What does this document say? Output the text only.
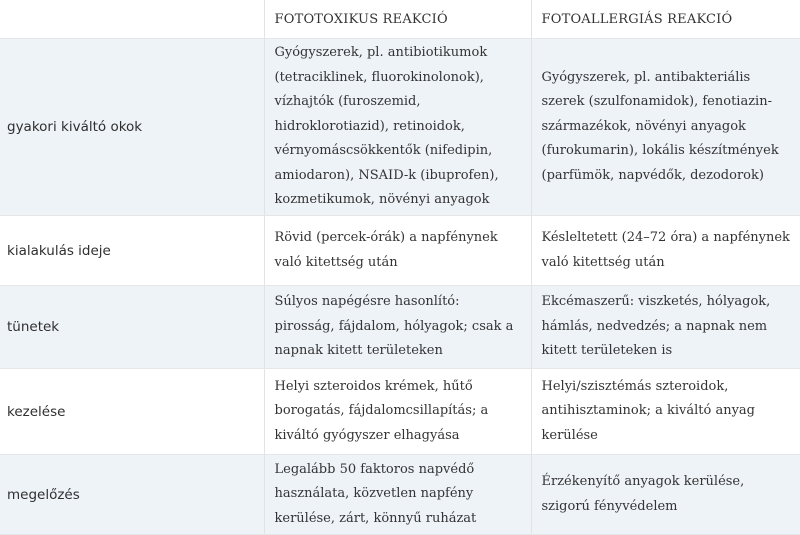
	FOTOTOXIKUS REAKCIÓ	FOTOALLERGIÁS REAKCIÓ
gyakori kiváltó okok	Gyógyszerek, pl. antibiotikumok (tetraciklinek, fluorokinolonok), vízhajtók (furoszemid, hidroklorotiazid), retinoidok, vérnyomáscsökkentők (nifedipin, amiodaron), NSAID-k (ibuprofen), kozmetikumok, növényi anyagok	Gyógyszerek, pl. antibakteriális szerek (szulfonamidok), fenotiazin-származékok, növényi anyagok (furokumarin), lokális készítmények (parfümök, napvédők, dezodorok)
kialakulás ideje	Rövid (percek-órák) a napfénynek való kitettség után	Késleltetett (24–72 óra) a napfénynek való kitettség után
tünetek	Súlyos napégésre hasonlító: pirosság, fájdalom, hólyagok; csak a napnak kitett területeken	Ekcémaszerű: viszketés, hólyagok, hámlás, nedvedzés; a napnak nem kitett területeken is
kezelése	Helyi szteroidos krémek, hűtő borogatás, fájdalomcsillapítás; a kiváltó gyógyszer elhagyása	Helyi/szisztémás szteroidok, antihisztaminok; a kiváltó anyag kerülése
megelőzés	Legalább 50 faktoros napvédő használata, közvetlen napfény kerülése, zárt, könnyű ruházat	Érzékenyítő anyagok kerülése, szigorú fényvédelem
